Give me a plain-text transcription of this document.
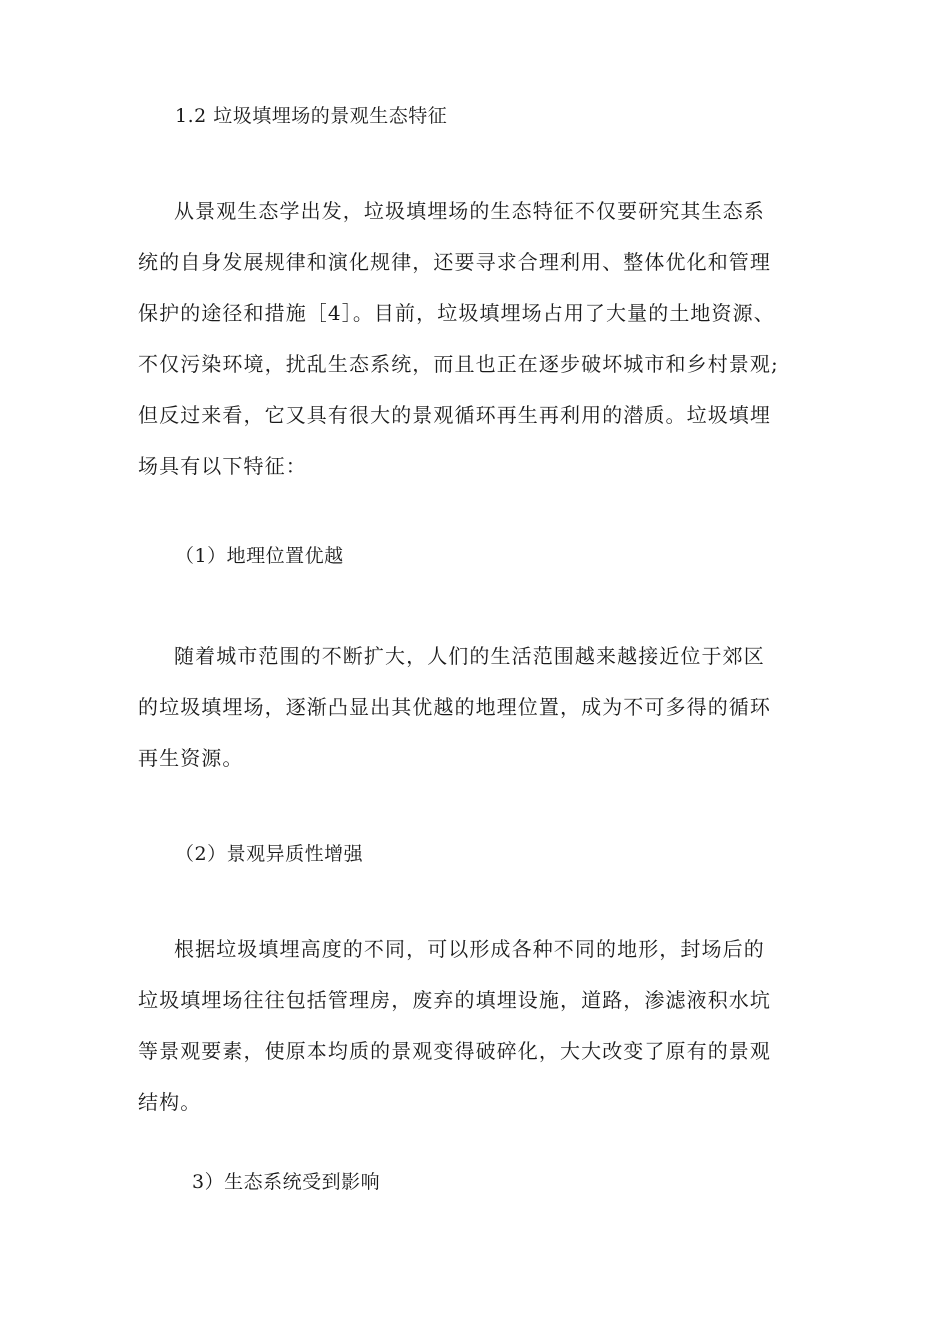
1.2 垃圾填埋场的景观生态特征
从景观生态学出发，垃圾填埋场的生态特征不仅要研究其生态系
统的自身发展规律和演化规律，还要寻求合理利用、整体优化和管理
保护的途径和措施［4］。目前，垃圾填埋场占用了大量的土地资源、
不仅污染环境，扰乱生态系统，而且也正在逐步破坏城市和乡村景观;
但反过来看，它又具有很大的景观循环再生再利用的潜质。垃圾填埋
场具有以下特征：
（1）地理位置优越
随着城市范围的不断扩大，人们的生活范围越来越接近位于郊区
的垃圾填埋场，逐渐凸显出其优越的地理位置，成为不可多得的循环
再生资源。
（2）景观异质性增强
根据垃圾填埋高度的不同，可以形成各种不同的地形，封场后的
垃圾填埋场往往包括管理房，废弃的填埋设施，道路，渗滤液积水坑
等景观要素，使原本均质的景观变得破碎化，大大改变了原有的景观
结构。
3）生态系统受到影响
